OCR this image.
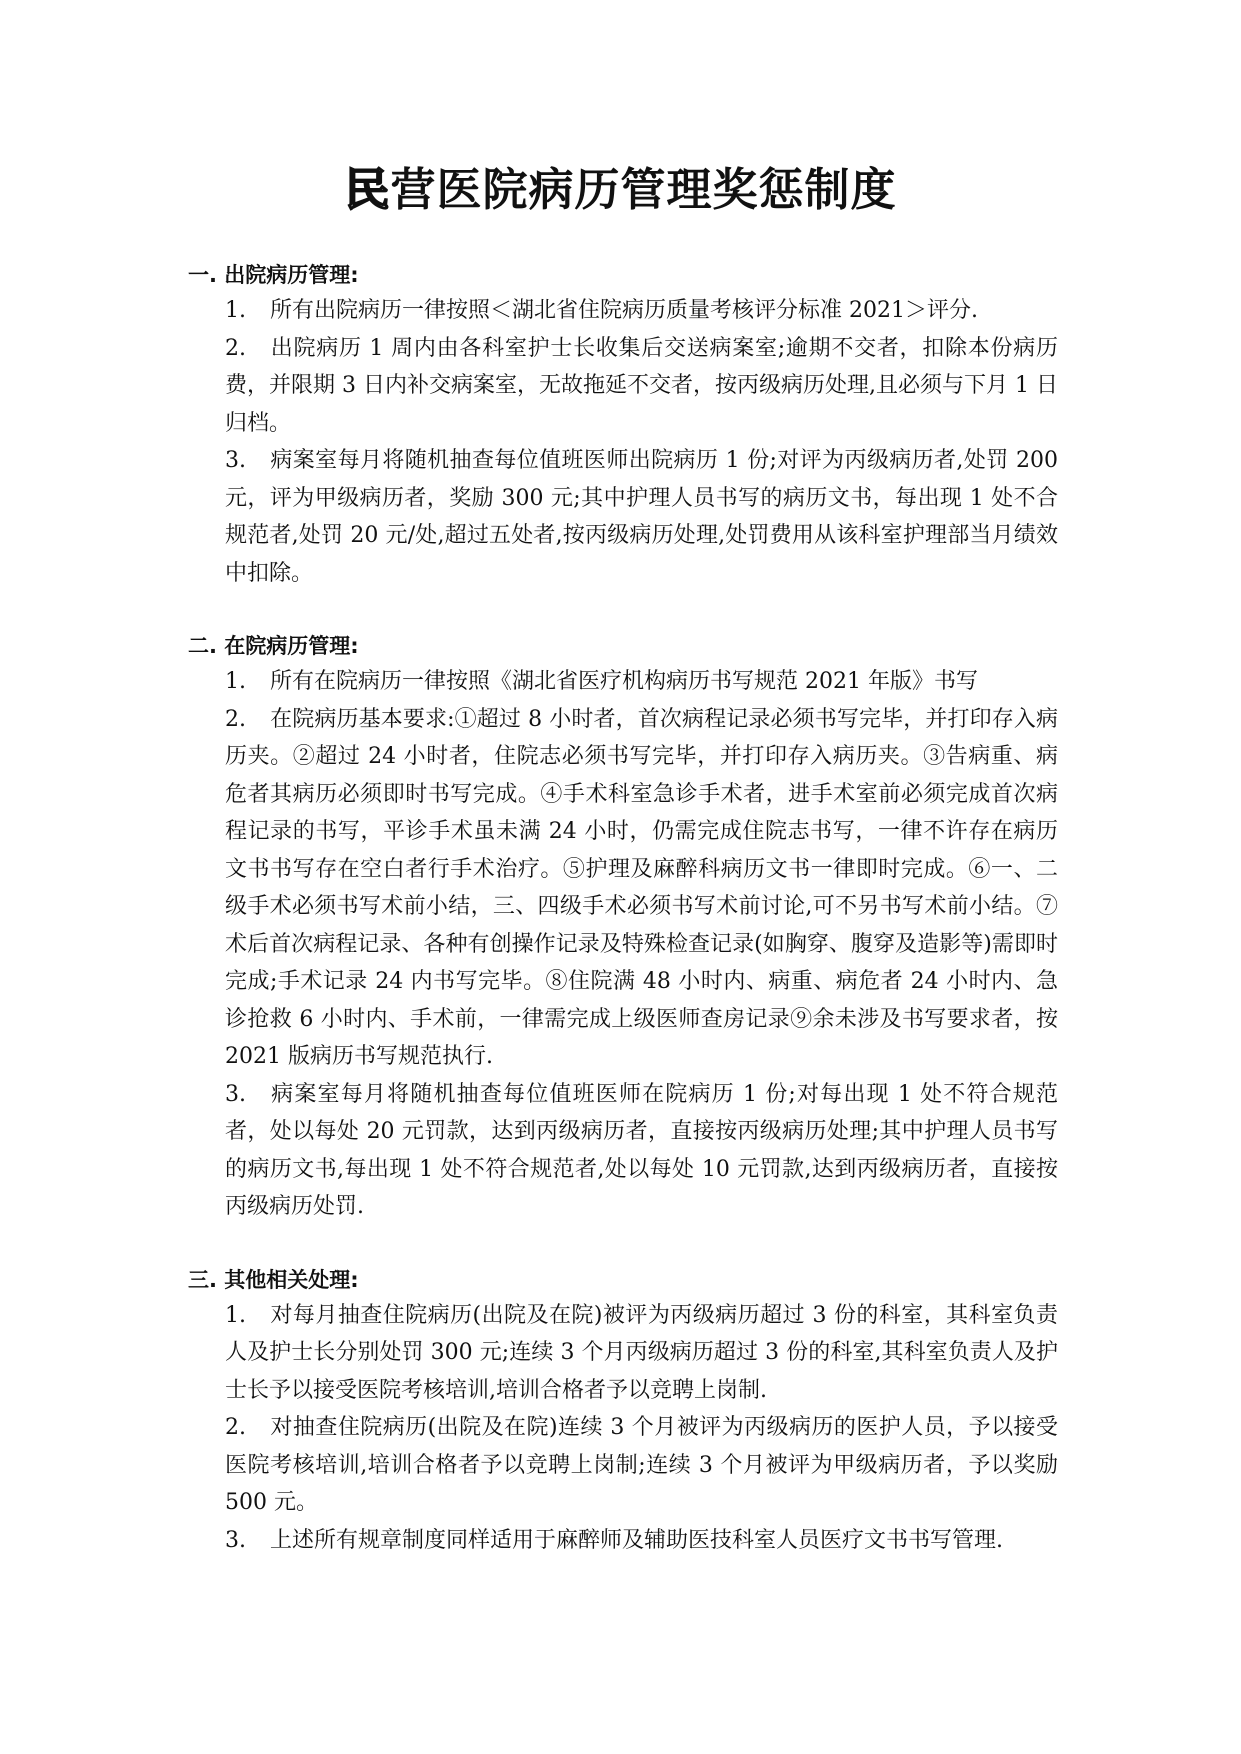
民营医院病历管理奖惩制度
一. 出院病历管理:
1. 所有出院病历一律按照＜湖北省住院病历质量考核评分标准 2021＞评分.
2. 出院病历 1 周内由各科室护士长收集后交送病案室;逾期不交者，扣除本份病历费，并限期 3 日内补交病案室，无故拖延不交者，按丙级病历处理,且必须与下月 1 日归档。
3. 病案室每月将随机抽查每位值班医师出院病历 1 份;对评为丙级病历者,处罚 200 元，评为甲级病历者，奖励 300 元;其中护理人员书写的病历文书，每出现 1 处不合规范者,处罚 20 元/处,超过五处者,按丙级病历处理,处罚费用从该科室护理部当月绩效中扣除。
二. 在院病历管理:
1. 所有在院病历一律按照《湖北省医疗机构病历书写规范 2021 年版》书写
2. 在院病历基本要求:①超过 8 小时者，首次病程记录必须书写完毕，并打印存入病历夹。②超过 24 小时者，住院志必须书写完毕，并打印存入病历夹。③告病重、病危者其病历必须即时书写完成。④手术科室急诊手术者，进手术室前必须完成首次病程记录的书写，平诊手术虽未满 24 小时，仍需完成住院志书写，一律不许存在病历文书书写存在空白者行手术治疗。⑤护理及麻醉科病历文书一律即时完成。⑥一、二级手术必须书写术前小结，三、四级手术必须书写术前讨论,可不另书写术前小结。⑦术后首次病程记录、各种有创操作记录及特殊检查记录(如胸穿、腹穿及造影等)需即时完成;手术记录 24 内书写完毕。⑧住院满 48 小时内、病重、病危者 24 小时内、急诊抢救 6 小时内、手术前，一律需完成上级医师查房记录⑨余未涉及书写要求者，按 2021 版病历书写规范执行.
3. 病案室每月将随机抽查每位值班医师在院病历 1 份;对每出现 1 处不符合规范者，处以每处 20 元罚款，达到丙级病历者，直接按丙级病历处理;其中护理人员书写的病历文书,每出现 1 处不符合规范者,处以每处 10 元罚款,达到丙级病历者，直接按丙级病历处罚.
三. 其他相关处理:
1. 对每月抽查住院病历(出院及在院)被评为丙级病历超过 3 份的科室，其科室负责人及护士长分别处罚 300 元;连续 3 个月丙级病历超过 3 份的科室,其科室负责人及护士长予以接受医院考核培训,培训合格者予以竞聘上岗制.
2. 对抽查住院病历(出院及在院)连续 3 个月被评为丙级病历的医护人员，予以接受医院考核培训,培训合格者予以竞聘上岗制;连续 3 个月被评为甲级病历者，予以奖励 500 元。
3. 上述所有规章制度同样适用于麻醉师及辅助医技科室人员医疗文书书写管理.
